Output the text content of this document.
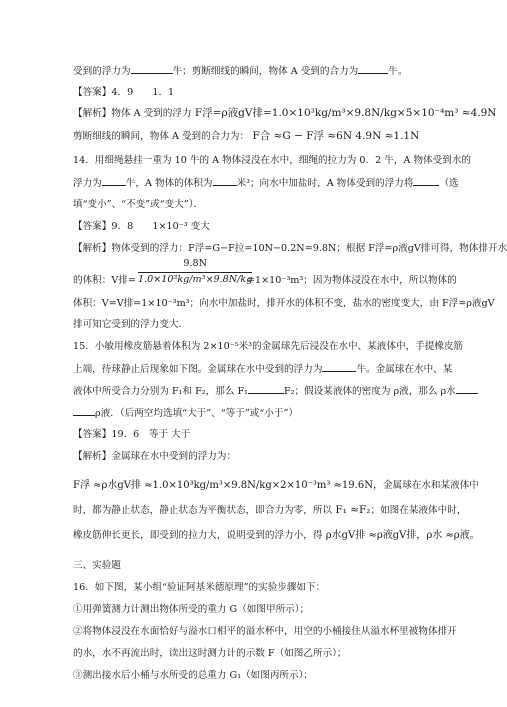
受到的浮力为	牛；剪断细线的瞬间，物体 A 受到的合力为	牛。
【答案】4．9　　1．1
【解析】物体 A 受到的浮力 F浮=ρ液gV排=1.0×10³kg/m³×9.8N/kg×5×10⁻⁴m³ ≈4.9N
剪断细线的瞬间，物体 A 受到的合力为： F合 ≈G − F浮 ≈6N 4.9N ≈1.1N
14．用细绳悬挂一重为 10 牛的 A 物体浸没在水中，细绳的拉力为 0．2 牛，A 物体受到水的
浮力为	牛，A 物体的体积为	米³；向水中加盐时，A 物体受到的浮力将	（选
填“变小”、“不变”或“变大”）．
【答案】9．8　　1×10⁻³ 变大
【解析】物体受到的浮力：F浮=G−F拉=10N−0.2N=9.8N；根据 F浮=ρ液gV排可得，物体排开水
的体积：V排= $\frac{9.8N}{\text{1.0×10³kg/m³×9.8N/kg}}$
=1×10⁻³m³；因为物体浸没在水中，所以物体的
体积：V=V排=1×10⁻³m³；向水中加盐时，排开水的体积不变，盐水的密度变大，由 F浮=ρ液gV
排可知它受到的浮力变大．
15．小敏用橡皮筋悬着体积为 2×10⁻⁵米³的金属球先后浸没在水中、某液体中，手提橡皮筋
上端，待球静止后现象如下图。金属球在水中受到的浮力为	牛。金属球在水中、某
液体中所受合力分别为 F₁和 F₂，那么 F₁	F₂；假设某液体的密度为 ρ液，那么 ρ水
ρ液．（后两空均选填“大于”、“等于”或“小于”）
【答案】19．6　等于 大于
【解析】金属球在水中受到的浮力为：
F浮 ≈ρ水gV排 ≈1.0×10³kg/m³×9.8N/kg×2×10⁻³m³ ≈19.6N，金属球在水和某液体中
时，都为静止状态，静止状态为平衡状态，即合力为零，所以 F₁ ≈F₂；如图在某液体中时，
橡皮筋伸长更长，即受到的拉力大，说明受到的浮力小，得 ρ水gV排 ≈ρ液gV排，ρ水 ≈ρ液。
三、实验题
16．如下图，某小组“验证阿基米德原理”的实验步骤如下：
①用弹簧测力计测出物体所受的重力 G（如图甲所示）；
②将物体浸没在水面恰好与溢水口相平的溢水杯中，用空的小桶接住从溢水杯里被物体排开
的水，水不再流出时，读出这时测力计的示数 F（如图乙所示）；
③测出接水后小桶与水所受的总重力 G₁（如图丙所示）；
